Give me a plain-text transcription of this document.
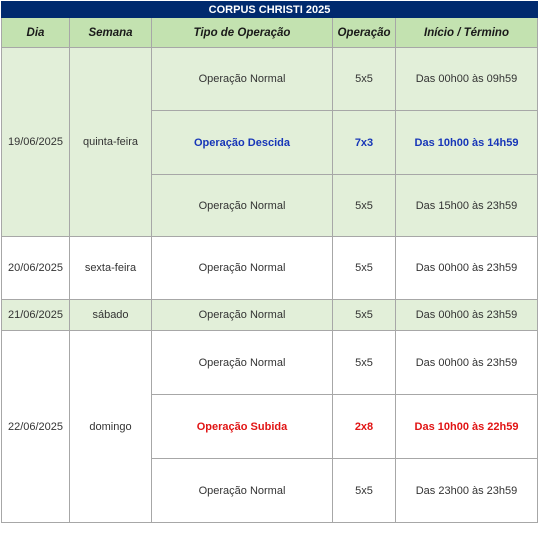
CORPUS CHRISTI 2025				
Dia	Semana	Tipo de Operação	Operação	Início / Término
19/06/2025	quinta-feira	Operação Normal	5x5	Das 00h00 às 09h59
		Operação Descida	7x3	Das 10h00 às 14h59
		Operação Normal	5x5	Das 15h00 às 23h59
20/06/2025	sexta-feira	Operação Normal	5x5	Das 00h00 às 23h59
21/06/2025	sábado	Operação Normal	5x5	Das 00h00 às 23h59
22/06/2025	domingo	Operação Normal	5x5	Das 00h00 às 23h59
		Operação Subida	2x8	Das 10h00 às 22h59
		Operação Normal	5x5	Das 23h00 às 23h59
